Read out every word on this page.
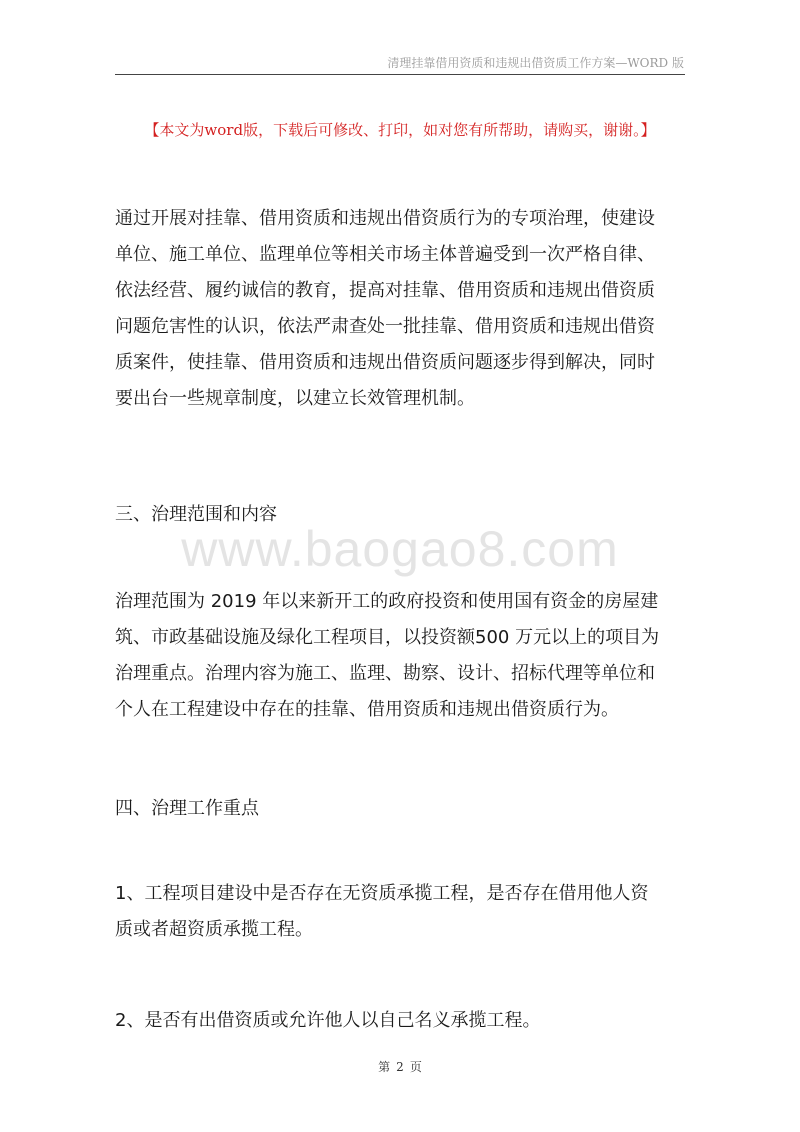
清理挂靠借用资质和违规出借资质工作方案—WORD 版
【本文为word版，下载后可修改、打印，如对您有所帮助，请购买，谢谢。】
通过开展对挂靠、借用资质和违规出借资质行为的专项治理，使建设
单位、施工单位、监理单位等相关市场主体普遍受到一次严格自律、
依法经营、履约诚信的教育，提高对挂靠、借用资质和违规出借资质
问题危害性的认识，依法严肃查处一批挂靠、借用资质和违规出借资
质案件，使挂靠、借用资质和违规出借资质问题逐步得到解决，同时
要出台一些规章制度，以建立长效管理机制。
三、治理范围和内容
www.baogao8.com
治理范围为 2019 年以来新开工的政府投资和使用国有资金的房屋建
筑、市政基础设施及绿化工程项目，以投资额500 万元以上的项目为
治理重点。治理内容为施工、监理、勘察、设计、招标代理等单位和
个人在工程建设中存在的挂靠、借用资质和违规出借资质行为。
四、治理工作重点
1、工程项目建设中是否存在无资质承揽工程，是否存在借用他人资
质或者超资质承揽工程。
2、是否有出借资质或允许他人以自己名义承揽工程。
第 2 页
